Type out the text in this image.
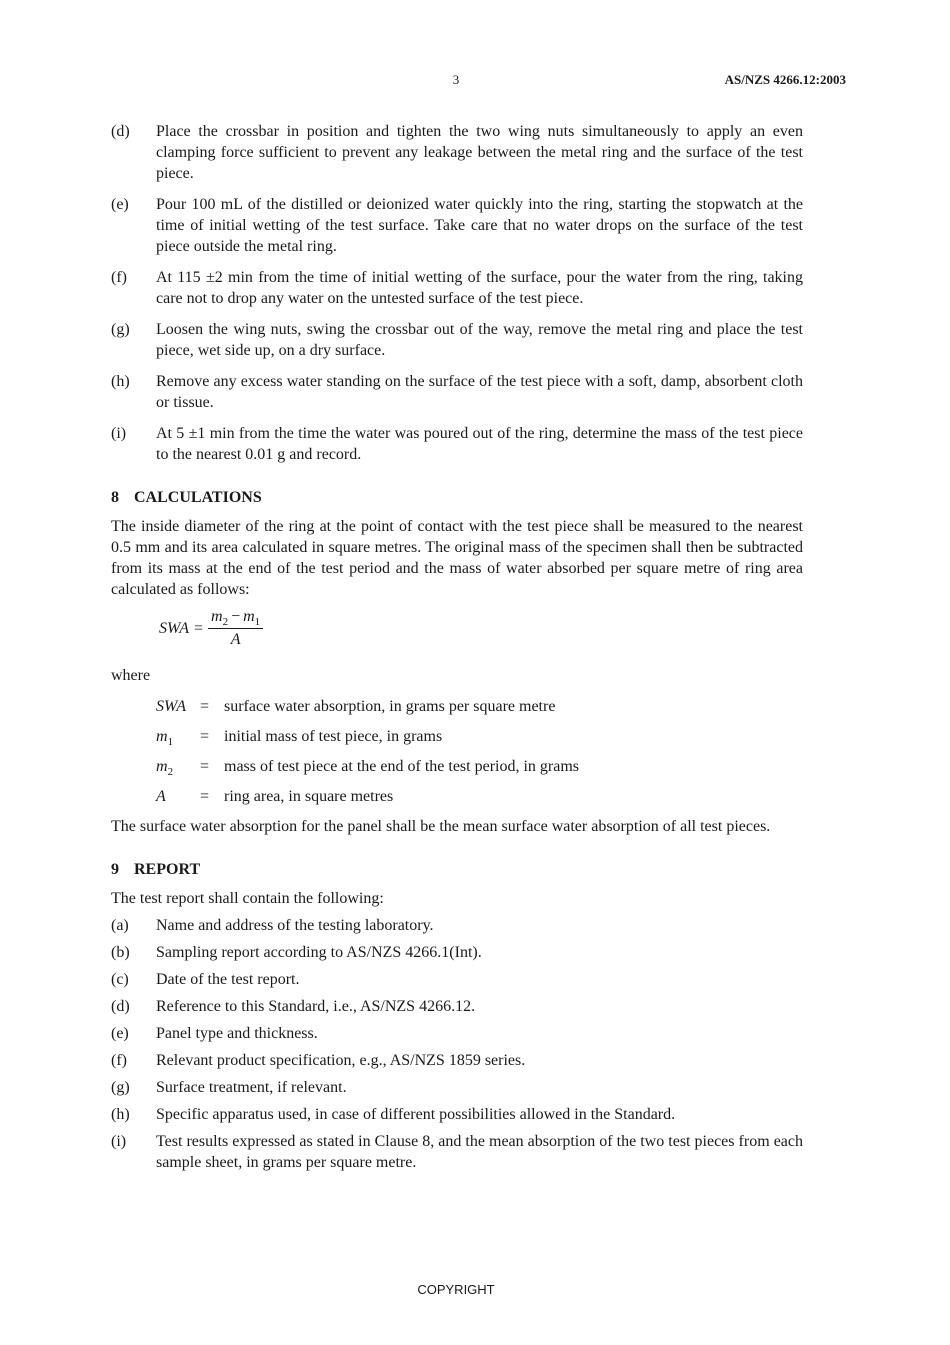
3	AS/NZS 4266.12:2003
(d)	Place the crossbar in position and tighten the two wing nuts simultaneously to apply an even clamping force sufficient to prevent any leakage between the metal ring and the surface of the test piece.
(e)	Pour 100 mL of the distilled or deionized water quickly into the ring, starting the stopwatch at the time of initial wetting of the test surface. Take care that no water drops on the surface of the test piece outside the metal ring.
(f)	At 115 ±2 min from the time of initial wetting of the surface, pour the water from the ring, taking care not to drop any water on the untested surface of the test piece.
(g)	Loosen the wing nuts, swing the crossbar out of the way, remove the metal ring and place the test piece, wet side up, on a dry surface.
(h)	Remove any excess water standing on the surface of the test piece with a soft, damp, absorbent cloth or tissue.
(i)	At 5 ±1 min from the time the water was poured out of the ring, determine the mass of the test piece to the nearest 0.01 g and record.
8 CALCULATIONS

The inside diameter of the ring at the point of contact with the test piece shall be measured to the nearest 0.5 mm and its area calculated in square metres. The original mass of the specimen shall then be subtracted from its mass at the end of the test period and the mass of water absorbed per square metre of ring area calculated as follows:

SWA = $\frac{m_2 - m_1}{A}$
where
SWA = surface water absorption, in grams per square metre
$m_1$	= initial mass of test piece, in grams
$m_2$	= mass of test piece at the end of the test period, in grams
A	= ring area, in square metres

The surface water absorption for the panel shall be the mean surface water absorption of all test pieces.

9 REPORT
The test report shall contain the following:
(a)	Name and address of the testing laboratory.
(b)	Sampling report according to AS/NZS 4266.1(Int).
(c)	Date of the test report.
(d)	Reference to this Standard, i.e., AS/NZS 4266.12.
(e)	Panel type and thickness.
(f)	Relevant product specification, e.g., AS/NZS 1859 series.
(g)	Surface treatment, if relevant.
(h)	Specific apparatus used, in case of different possibilities allowed in the Standard.
(i)	Test results expressed as stated in Clause 8, and the mean absorption of the two test pieces from each sample sheet, in grams per square metre.
COPYRIGHT
